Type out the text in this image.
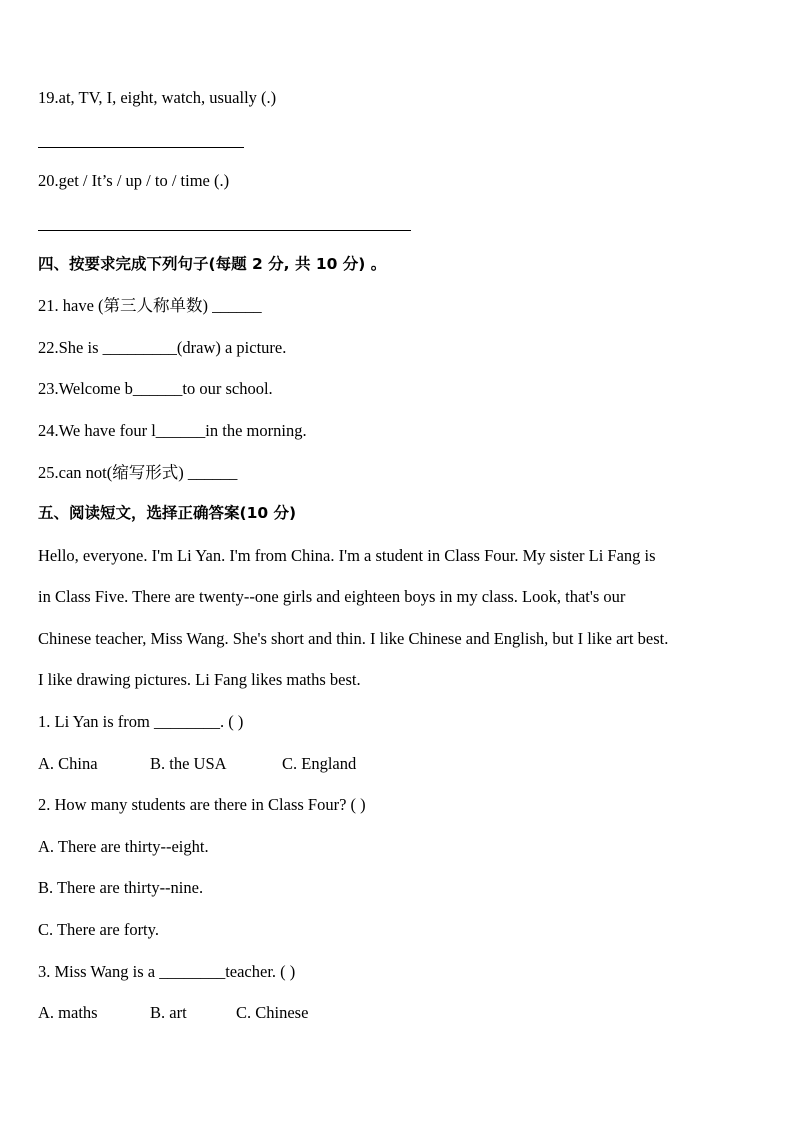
19.at, TV, I, eight, watch, usually (.)
20.get / It’s / up / to / time (.)
四、按要求完成下列句子(每题 2 分, 共 10 分) 。
21. have (第三人称单数) ______
22.She is _________(draw) a picture.
23.Welcome b______to our school.
24.We have four l______in the morning.
25.can not(缩写形式) ______
五、阅读短文，选择正确答案(10 分)
Hello, everyone. I'm Li Yan. I'm from China. I'm a student in Class Four. My sister Li Fang is
in Class Five. There are twenty--one girls and eighteen boys in my class. Look, that's our
Chinese teacher, Miss Wang. She's short and thin. I like Chinese and English, but I like art best.
I like drawing pictures. Li Fang likes maths best.
1. Li Yan is from ________. ( )
A. China	B. the USA	C. England
2. How many students are there in Class Four? ( )
A. There are thirty--eight.
B. There are thirty--nine.
C. There are forty.
3. Miss Wang is a ________teacher. ( )
A. maths	B. art	C. Chinese
